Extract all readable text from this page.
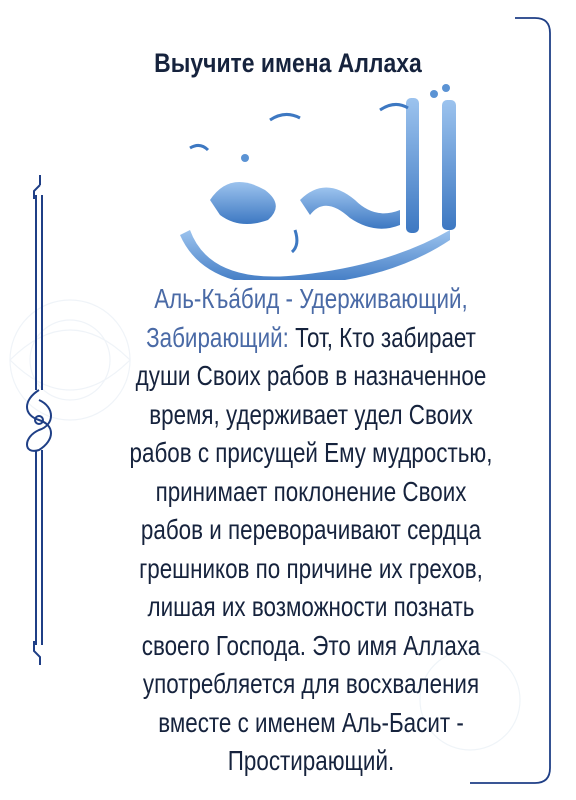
Выучите имена Аллаха
Аль-Къа́бид - Удерживающий, Забирающий: Тот, Кто забирает души Своих рабов в назначенное время, удерживает удел Своих рабов с присущей Ему мудростью, принимает поклонение Своих рабов и переворачивают сердца грешников по причине их грехов, лишая их возможности познать своего Господа. Это имя Аллаха употребляется для восхваления вместе с именем Аль-Басит - Простирающий.
